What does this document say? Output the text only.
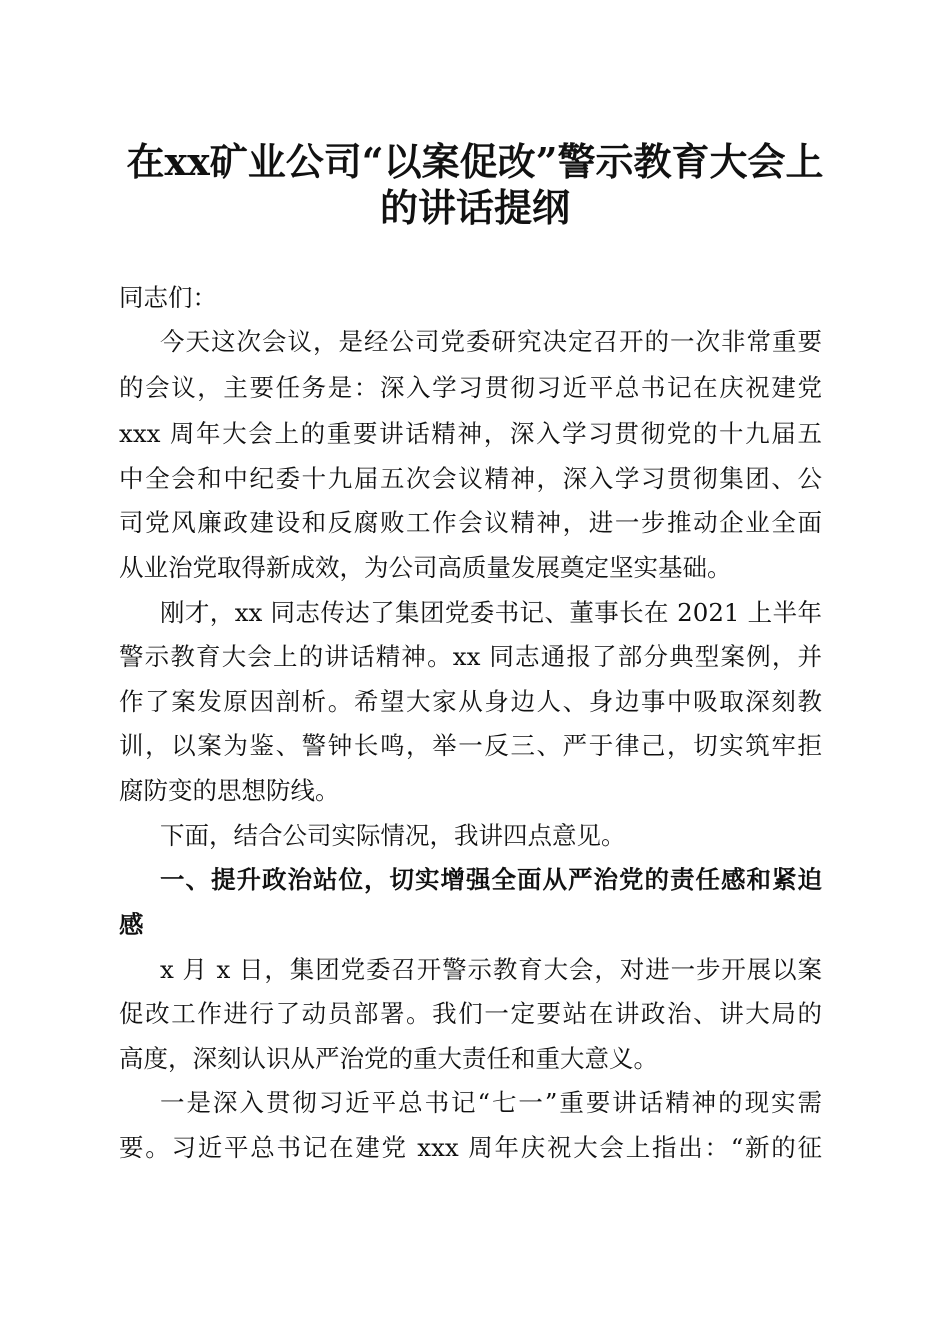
在xx矿业公司“以案促改”警示教育大会上
的讲话提纲
同志们：
今天这次会议，是经公司党委研究决定召开的一次非常重要
的会议，主要任务是：深入学习贯彻习近平总书记在庆祝建党
xxx 周年大会上的重要讲话精神，深入学习贯彻党的十九届五
中全会和中纪委十九届五次会议精神，深入学习贯彻集团、公
司党风廉政建设和反腐败工作会议精神，进一步推动企业全面
从业治党取得新成效，为公司高质量发展奠定坚实基础。
刚才，xx 同志传达了集团党委书记、董事长在 2021 上半年
警示教育大会上的讲话精神。xx 同志通报了部分典型案例，并
作了案发原因剖析。希望大家从身边人、身边事中吸取深刻教
训，以案为鉴、警钟长鸣，举一反三、严于律己，切实筑牢拒
腐防变的思想防线。
下面，结合公司实际情况，我讲四点意见。
一、提升政治站位，切实增强全面从严治党的责任感和紧迫
感
x 月 x 日，集团党委召开警示教育大会，对进一步开展以案
促改工作进行了动员部署。我们一定要站在讲政治、讲大局的
高度，深刻认识从严治党的重大责任和重大意义。
一是深入贯彻习近平总书记“七一”重要讲话精神的现实需
要。习近平总书记在建党 xxx 周年庆祝大会上指出：“新的征
